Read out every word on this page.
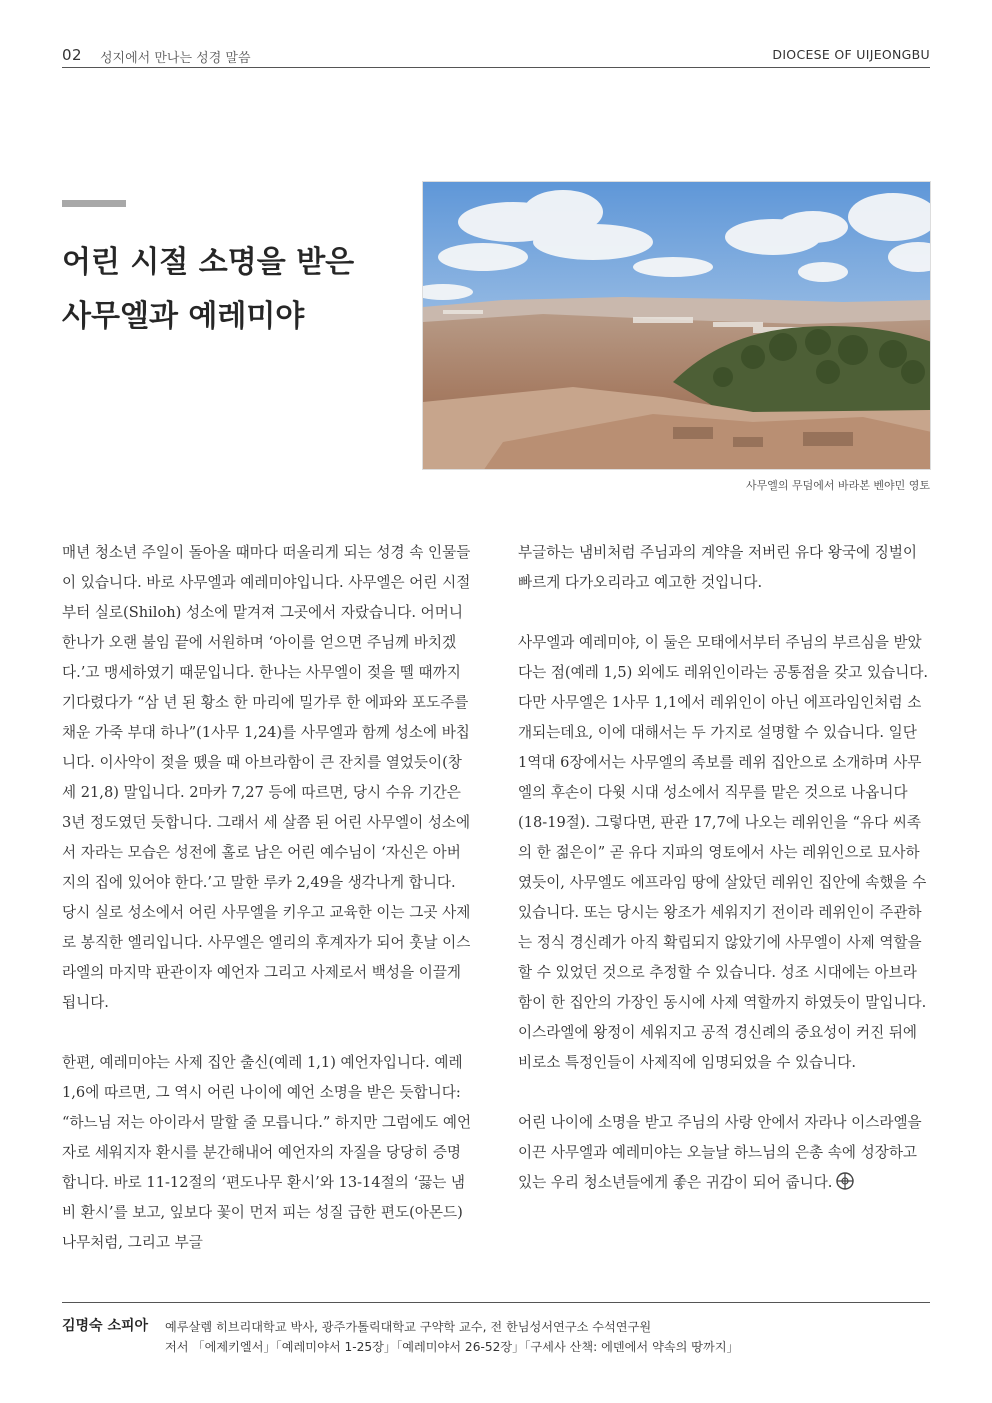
02 성지에서 만나는 성경 말씀	DIOCESE OF UIJEONGBU
어린 시절 소명을 받은
사무엘과 예레미야
사무엘의 무덤에서 바라본 벤야민 영토

매년 청소년 주일이 돌아올 때마다 떠올리게 되는 성경 속 인물들이 있습니다. 바로 사무엘과 예레미야입니다. 사무엘은 어린 시절부터 실로(Shiloh) 성소에 맡겨져 그곳에서 자랐습니다. 어머니 한나가 오랜 불임 끝에 서원하며 ‘아이를 얻으면 주님께 바치겠다.’고 맹세하였기 때문입니다. 한나는 사무엘이 젖을 뗄 때까지 기다렸다가 “삼 년 된 황소 한 마리에 밀가루 한 에파와 포도주를 채운 가죽 부대 하나”(1사무 1,24)를 사무엘과 함께 성소에 바칩니다. 이사악이 젖을 뗐을 때 아브라함이 큰 잔치를 열었듯이(창세 21,8) 말입니다. 2마카 7,27 등에 따르면, 당시 수유 기간은 3년 정도였던 듯합니다. 그래서 세 살쯤 된 어린 사무엘이 성소에서 자라는 모습은 성전에 홀로 남은 어린 예수님이 ‘자신은 아버지의 집에 있어야 한다.’고 말한 루카 2,49을 생각나게 합니다. 당시 실로 성소에서 어린 사무엘을 키우고 교육한 이는 그곳 사제로 봉직한 엘리입니다. 사무엘은 엘리의 후계자가 되어 훗날 이스라엘의 마지막 판관이자 예언자 그리고 사제로서 백성을 이끌게 됩니다.

한편, 예레미야는 사제 집안 출신(예레 1,1) 예언자입니다. 예레 1,6에 따르면, 그 역시 어린 나이에 예언 소명을 받은 듯합니다: “하느님 저는 아이라서 말할 줄 모릅니다.” 하지만 그럼에도 예언자로 세워지자 환시를 분간해내어 예언자의 자질을 당당히 증명합니다. 바로 11-12절의 ‘편도나무 환시’와 13-14절의 ‘끓는 냄비 환시’를 보고, 잎보다 꽃이 먼저 피는 성질 급한 편도(아몬드) 나무처럼, 그리고 부글

부글하는 냄비처럼 주님과의 계약을 저버린 유다 왕국에 징벌이 빠르게 다가오리라고 예고한 것입니다.

사무엘과 예레미야, 이 둘은 모태에서부터 주님의 부르심을 받았다는 점(예레 1,5) 외에도 레위인이라는 공통점을 갖고 있습니다. 다만 사무엘은 1사무 1,1에서 레위인이 아닌 에프라임인처럼 소개되는데요, 이에 대해서는 두 가지로 설명할 수 있습니다. 일단 1역대 6장에서는 사무엘의 족보를 레위 집안으로 소개하며 사무엘의 후손이 다윗 시대 성소에서 직무를 맡은 것으로 나옵니다(18-19절). 그렇다면, 판관 17,7에 나오는 레위인을 “유다 씨족의 한 젊은이” 곧 유다 지파의 영토에서 사는 레위인으로 묘사하였듯이, 사무엘도 에프라임 땅에 살았던 레위인 집안에 속했을 수 있습니다. 또는 당시는 왕조가 세워지기 전이라 레위인이 주관하는 정식 경신례가 아직 확립되지 않았기에 사무엘이 사제 역할을 할 수 있었던 것으로 추정할 수 있습니다. 성조 시대에는 아브라함이 한 집안의 가장인 동시에 사제 역할까지 하였듯이 말입니다. 이스라엘에 왕정이 세워지고 공적 경신례의 중요성이 커진 뒤에 비로소 특정인들이 사제직에 임명되었을 수 있습니다.

어린 나이에 소명을 받고 주님의 사랑 안에서 자라나 이스라엘을 이끈 사무엘과 예레미야는 오늘날 하느님의 은총 속에 성장하고 있는 우리 청소년들에게 좋은 귀감이 되어 줍니다.

김명숙 소피아 예루살렘 히브리대학교 박사, 광주가톨릭대학교 구약학 교수, 전 한님성서연구소 수석연구원
저서 「에제키엘서」「예레미야서 1-25장」「예레미야서 26-52장」「구세사 산책: 에덴에서 약속의 땅까지」
